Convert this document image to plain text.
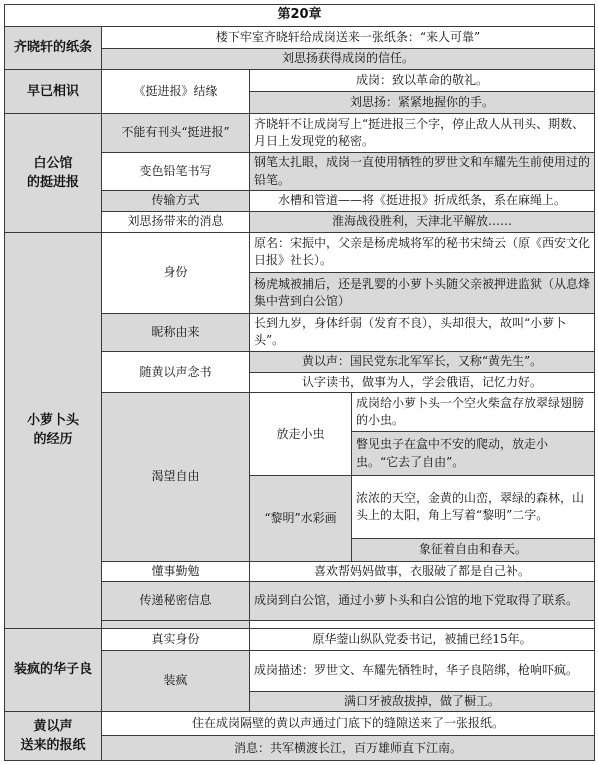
第20章			
齐晓轩的纸条	楼下牢室齐晓轩给成岗送来一张纸条：“来人可靠”		
	刘思扬获得成岗的信任。		
早已相识	《挺进报》结缘	成岗：致以革命的敬礼。	
		刘思扬：紧紧地握你的手。	
白公馆
的挺进报	不能有刊头“挺进报”	齐晓轩不让成岗写上“挺进报三个字，停止敌人从刊头、期数、月日上发现党的秘密。	
	变色铅笔书写	钢笔太扎眼，成岗一直使用牺牲的罗世文和车耀先生前使用过的铅笔。	
	传输方式	水槽和管道——将《挺进报》折成纸条，系在麻绳上。	
	刘思扬带来的消息	淮海战役胜利，天津北平解放……	
小萝卜头
的经历	身份	原名：宋振中，父亲是杨虎城将军的秘书宋绮云（原《西安文化日报》社长）。	
		杨虎城被捕后，还是乳婴的小萝卜头随父亲被押进监狱（从息烽集中营到白公馆）	
	昵称由来	长到九岁，身体纤弱（发育不良），头却很大，故叫“小萝卜头”。	
	随黄以声念书	黄以声：国民党东北军军长，又称“黄先生”。	
		认字读书，做事为人，学会俄语，记忆力好。	
	渴望自由	放走小虫	成岗给小萝卜头一个空火柴盒存放翠绿翅膀的小虫。
			瞥见虫子在盒中不安的爬动，放走小虫。“它去了自由”。

		“黎明”水彩画	浓浓的天空，金黄的山峦，翠绿的森林，山头上的太阳，角上写着“黎明”二字。

			象征着自由和春天。
	懂事勤勉	喜欢帮妈妈做事，衣服破了都是自己补。	
	传递秘密信息	成岗到白公馆，通过小萝卜头和白公馆的地下党取得了联系。	

装疯的华子良	真实身份	原华蓥山纵队党委书记，被捕已经15年。	
	装疯	成岗描述：罗世文、车耀先牺牲时，华子良陪绑，枪响吓疯。	
		满口牙被敌拔掉，做了橱工。	
黄以声
送来的报纸	住在成岗隔壁的黄以声通过门底下的缝隙送来了一张报纸。		
	消息：共军横渡长江，百万雄师直下江南。		
